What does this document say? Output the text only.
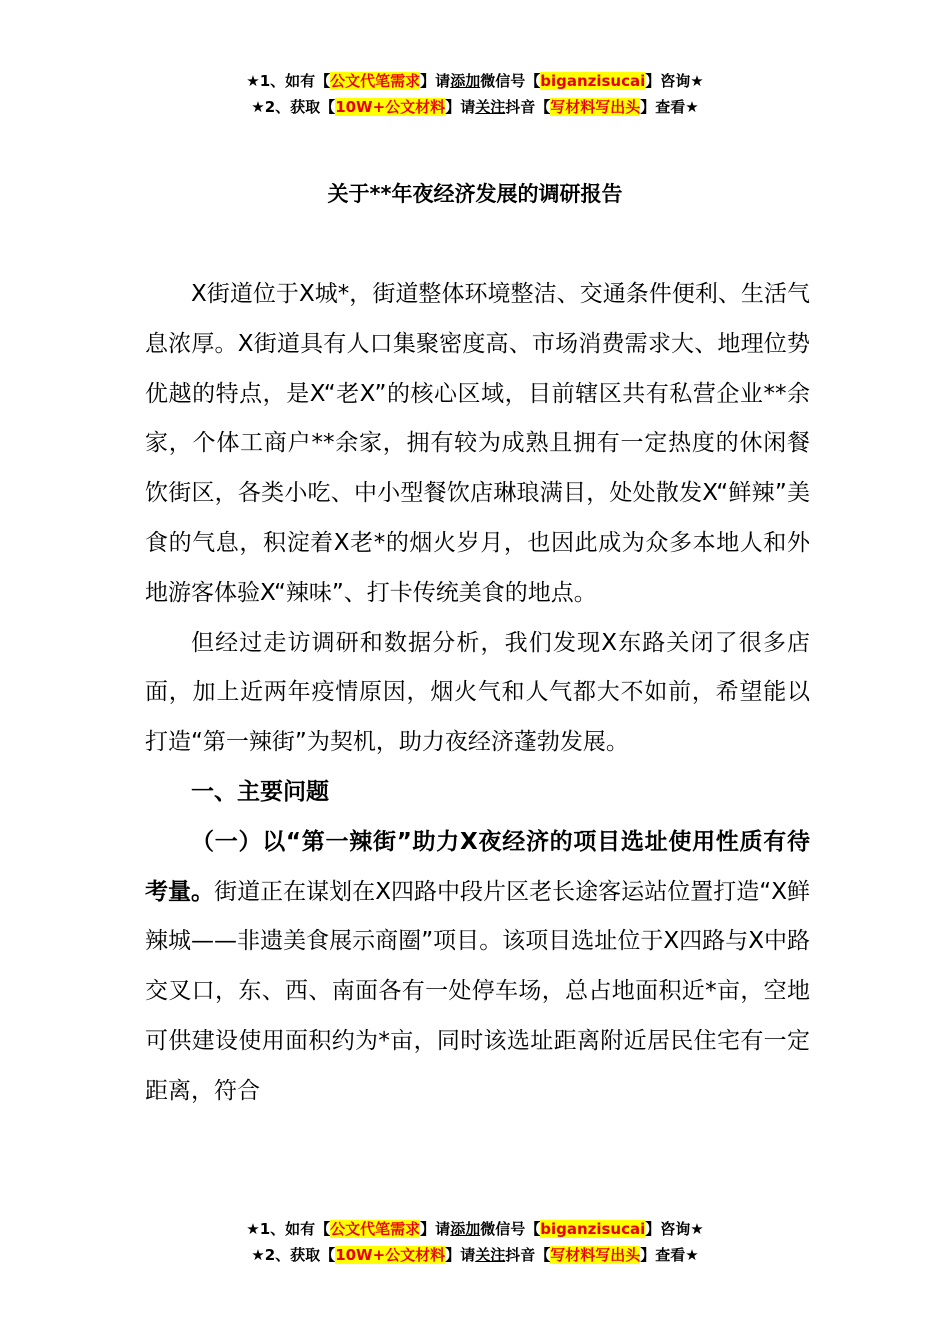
★1、如有【公文代笔需求】请添加微信号【biganzisucai】咨询★
★2、获取【10W+公文材料】请关注抖音【写材料写出头】查看★
关于**年夜经济发展的调研报告

X街道位于X城*，街道整体环境整洁、交通条件便利、生活气息浓厚。X街道具有人口集聚密度高、市场消费需求大、地理位势优越的特点，是X“老X”的核心区域，目前辖区共有私营企业**余家，个体工商户**余家，拥有较为成熟且拥有一定热度的休闲餐饮街区，各类小吃、中小型餐饮店琳琅满目，处处散发X“鲜辣”美食的气息，积淀着X老*的烟火岁月，也因此成为众多本地人和外地游客体验X“辣味”、打卡传统美食的地点。

但经过走访调研和数据分析，我们发现X东路关闭了很多店面，加上近两年疫情原因，烟火气和人气都大不如前，希望能以打造“第一辣街”为契机，助力夜经济蓬勃发展。

一、主要问题

（一）以“第一辣街”助力X夜经济的项目选址使用性质有待考量。街道正在谋划在X四路中段片区老长途客运站位置打造“X鲜辣城——非遗美食展示商圈”项目。该项目选址位于X四路与X中路交叉口，东、西、南面各有一处停车场，总占地面积近*亩，空地可供建设使用面积约为*亩，同时该选址距离附近居民住宅有一定距离，符合

★1、如有【公文代笔需求】请添加微信号【biganzisucai】咨询★
★2、获取【10W+公文材料】请关注抖音【写材料写出头】查看★
